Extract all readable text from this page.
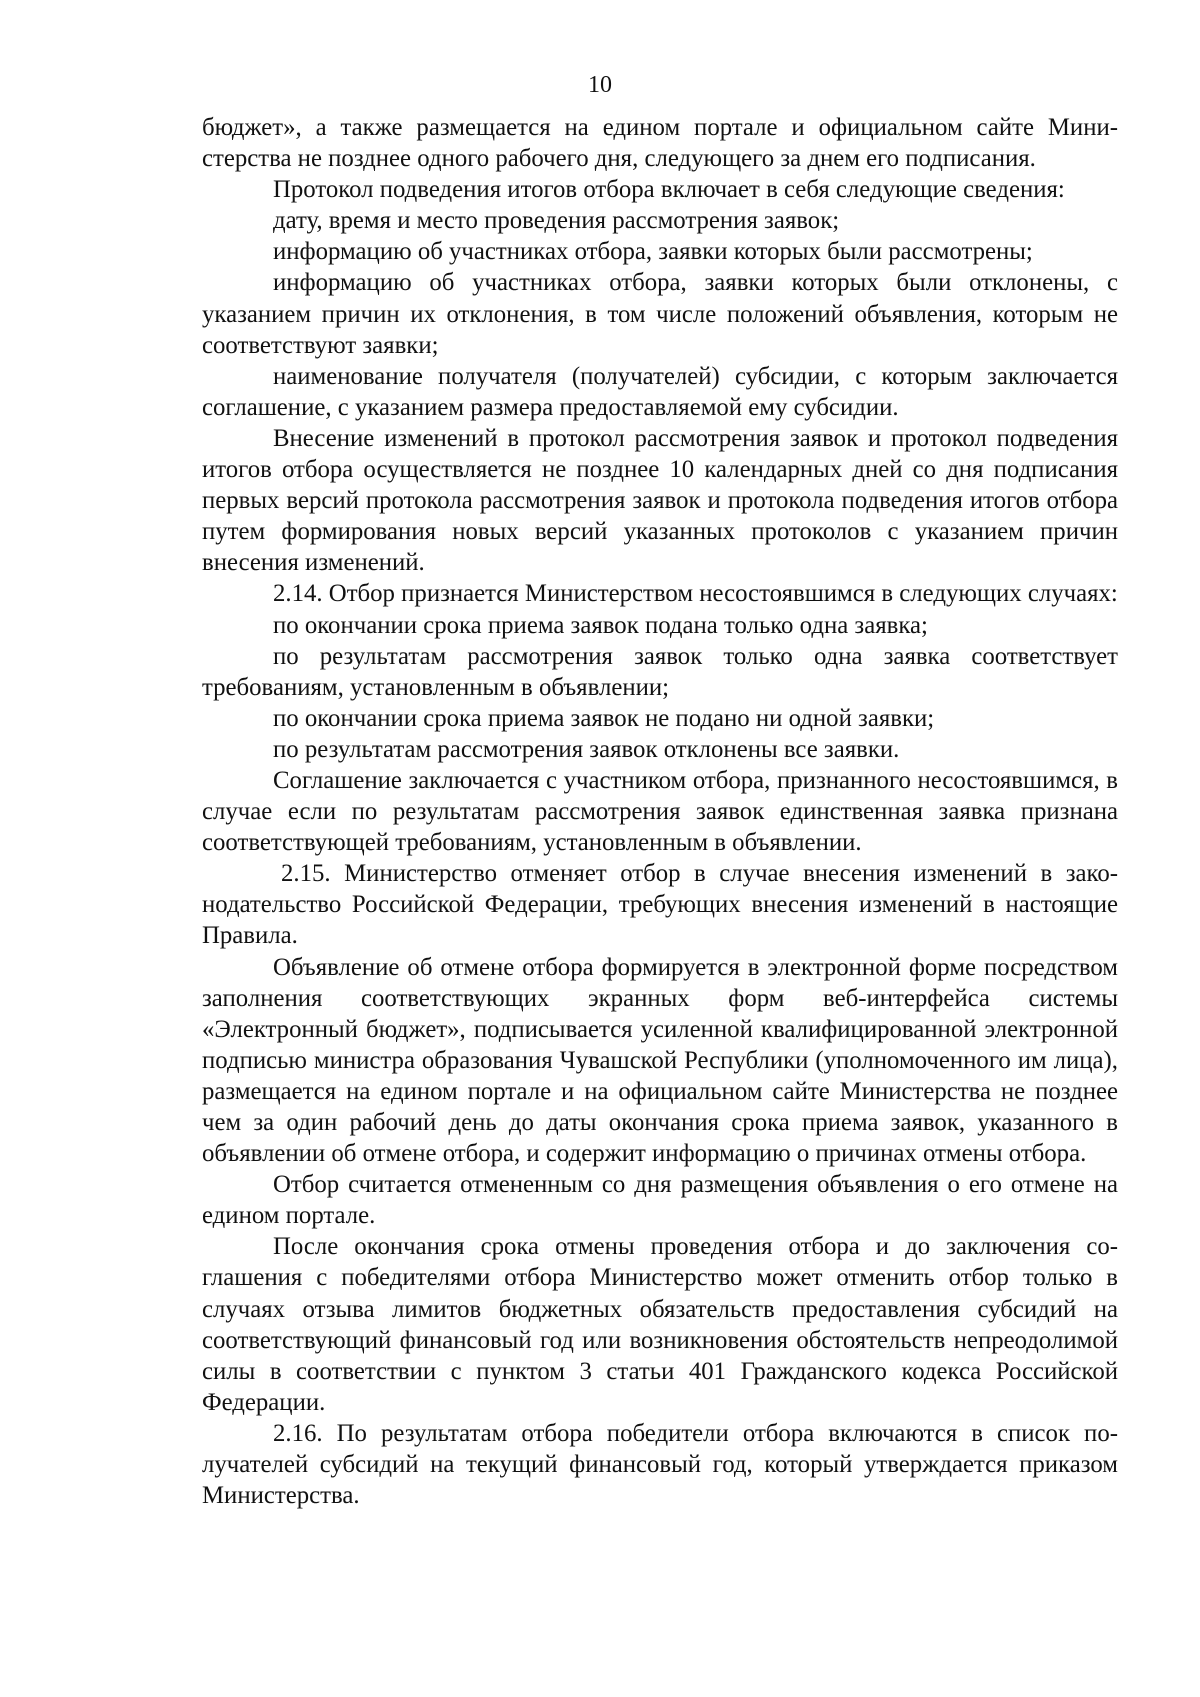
10

бюджет», а также размещается на едином портале и официальном сайте Министерства не позднее одного рабочего дня, следующего за днем его подписания.

Протокол подведения итогов отбора включает в себя следующие сведения:

дату, время и место проведения рассмотрения заявок;

информацию об участниках отбора, заявки которых были рассмотрены;

информацию об участниках отбора, заявки которых были отклонены, с указанием причин их отклонения, в том числе положений объявления, которым не соответствуют заявки;

наименование получателя (получателей) субсидии, с которым заключается соглашение, с указанием размера предоставляемой ему субсидии.

Внесение изменений в протокол рассмотрения заявок и протокол подведения итогов отбора осуществляется не позднее 10 календарных дней со дня подписания первых версий протокола рассмотрения заявок и протокола подведения итогов отбора путем формирования новых версий указанных протоколов с указанием причин внесения изменений.

2.14. Отбор признается Министерством несостоявшимся в следующих случаях:

по окончании срока приема заявок подана только одна заявка;

по результатам рассмотрения заявок только одна заявка соответствует требованиям, установленным в объявлении;

по окончании срока приема заявок не подано ни одной заявки;

по результатам рассмотрения заявок отклонены все заявки.

Соглашение заключается с участником отбора, признанного несостоявшимся, в случае если по результатам рассмотрения заявок единственная заявка признана соответствующей требованиям, установленным в объявлении.

2.15. Министерство отменяет отбор в случае внесения изменений в законодательство Российской Федерации, требующих внесения изменений в настоящие Правила.

Объявление об отмене отбора формируется в электронной форме посредством заполнения соответствующих экранных форм веб-интерфейса системы «Электронный бюджет», подписывается усиленной квалифицированной электронной подписью министра образования Чувашской Республики (уполномоченного им лица), размещается на едином портале и на официальном сайте Министерства не позднее чем за один рабочий день до даты окончания срока приема заявок, указанного в объявлении об отмене отбора, и содержит информацию о причинах отмены отбора.

Отбор считается отмененным со дня размещения объявления о его отмене на едином портале.

После окончания срока отмены проведения отбора и до заключения соглашения с победителями отбора Министерство может отменить отбор только в случаях отзыва лимитов бюджетных обязательств предоставления субсидий на соответствующий финансовый год или возникновения обстоятельств непреодолимой силы в соответствии с пунктом 3 статьи 401 Гражданского кодекса Российской Федерации.

2.16. По результатам отбора победители отбора включаются в список получателей субсидий на текущий финансовый год, который утверждается приказом Министерства.
